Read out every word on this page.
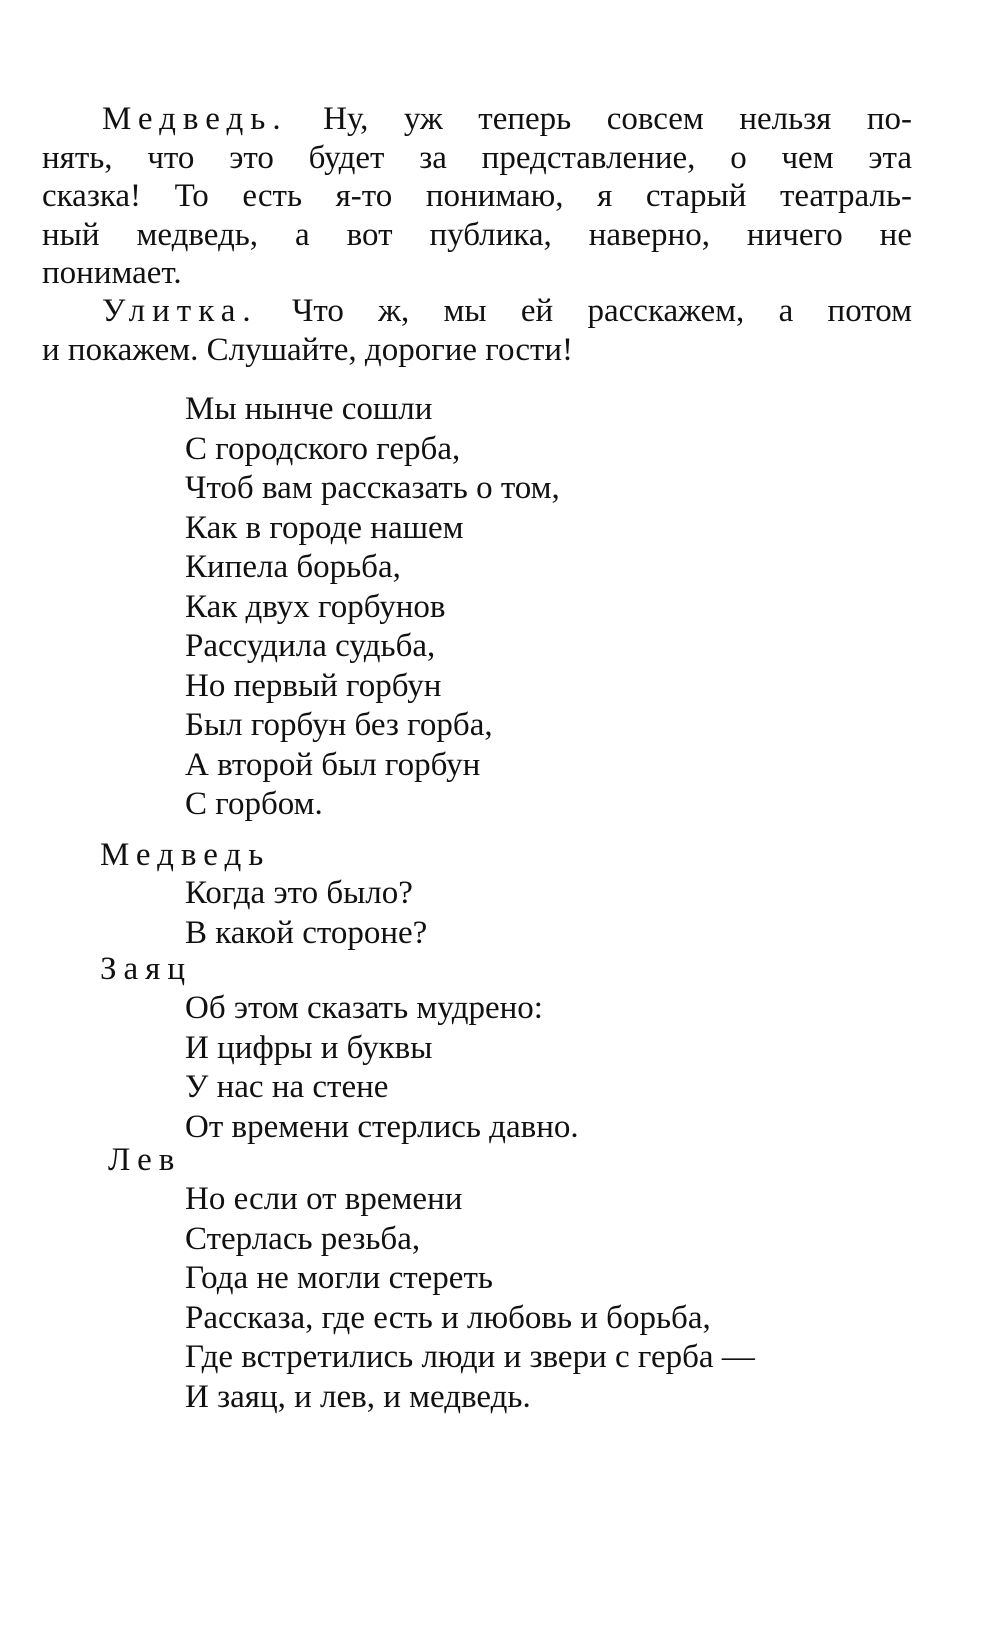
Медведь. Ну, уж теперь совсем нельзя по-
нять, что это будет за представление, о чем эта
сказка! То есть я-то понимаю, я старый театраль-
ный медведь, а вот публика, наверно, ничего не
понимает.
Улитка. Что ж, мы ей расскажем, а потом
и покажем. Слушайте, дорогие гости!
Мы нынче сошли
С городского герба,
Чтоб вам рассказать о том,
Как в городе нашем
Кипела борьба,
Как двух горбунов
Рассудила судьба,
Но первый горбун
Был горбун без горба,
А второй был горбун
С горбом.
Медведь
Когда это было?
В какой стороне?
Заяц
Об этом сказать мудрено:
И цифры и буквы
У нас на стене
От времени стерлись давно.
Лев
Но если от времени
Стерлась резьба,
Года не могли стереть
Рассказа, где есть и любовь и борьба,
Где встретились люди и звери с герба —
И заяц, и лев, и медведь.
